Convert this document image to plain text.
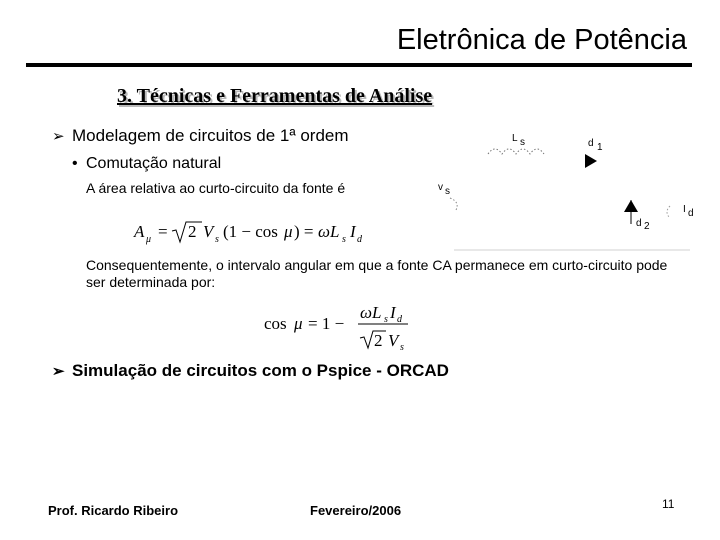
Eletrônica de Potência
3. Técnicas e Ferramentas de Análise
➢ Modelagem de circuitos de 1ª ordem
• Comutação natural
A área relativa ao curto-circuito da fonte é
A μ = 2 V s (1 − cos μ ) = ωL s I d
Consequentemente, o intervalo angular em que a fonte CA permanece em curto-circuito pode ser determinada por:
cos μ = 1 −
ωL s I d
2 V s
➢ Simulação de circuitos com o Pspice - ORCAD
L s	d 1
v s
d 2
I d
Prof. Ricardo Ribeiro	Fevereiro/2006	11
